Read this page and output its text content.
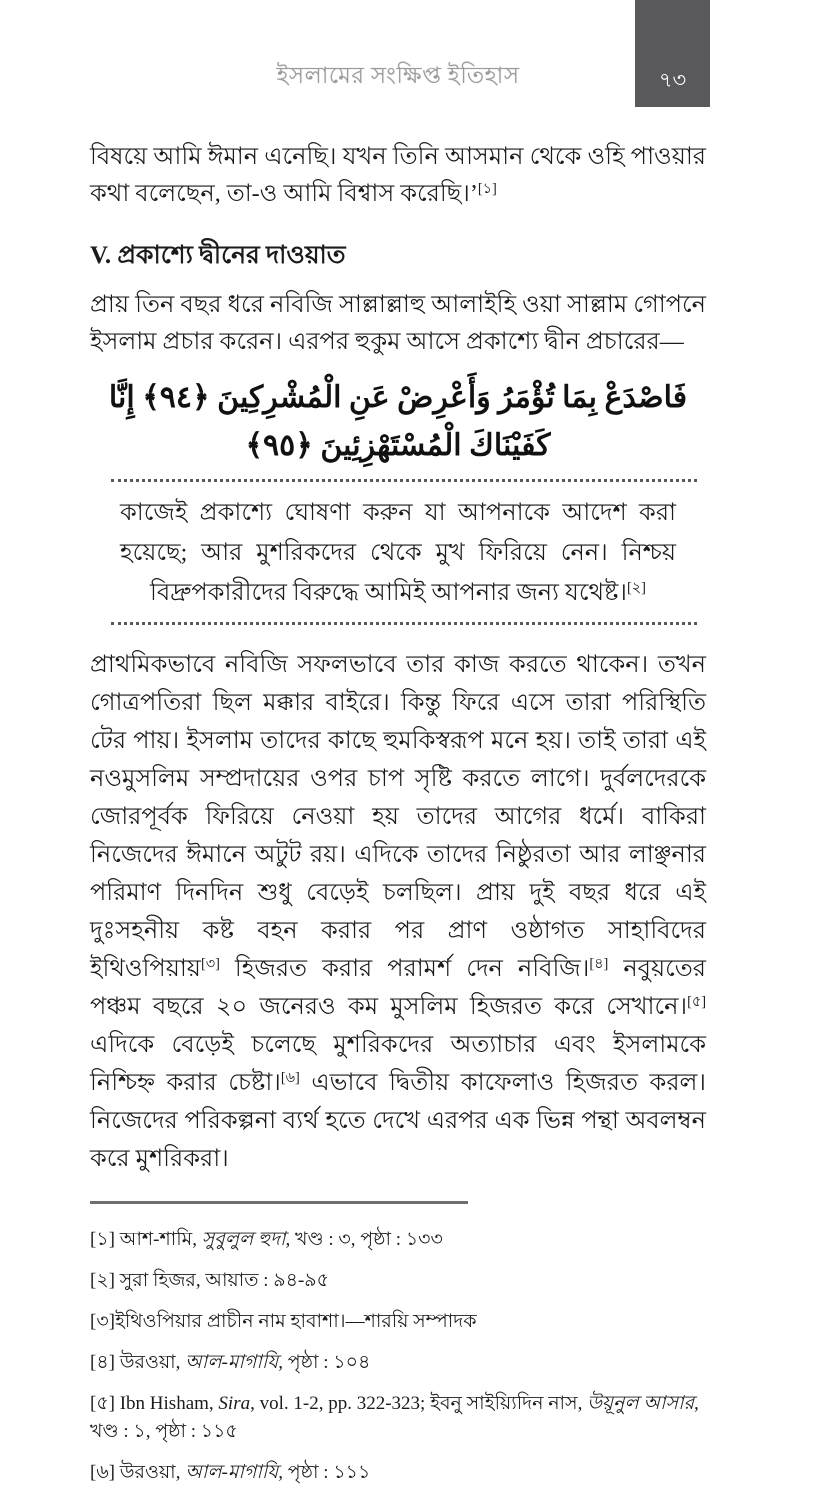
৭৩
ইসলামের সংক্ষিপ্ত ইতিহাস

বিষয়ে আমি ঈমান এনেছি। যখন তিনি আসমান থেকে ওহি পাওয়ার কথা বলেছেন, তা-ও আমি বিশ্বাস করেছি।’[১]

V. প্রকাশ্যে দ্বীনের দাওয়াত

প্রায় তিন বছর ধরে নবিজি সাল্লাল্লাহু আলাইহি ওয়া সাল্লাম গোপনে ইসলাম প্রচার করেন। এরপর হুকুম আসে প্রকাশ্যে দ্বীন প্রচারের—

فَاصْدَعْ بِمَا تُؤْمَرُ وَأَعْرِضْ عَنِ الْمُشْرِكِينَ ﴿٩٤﴾ إِنَّا كَفَيْنَاكَ الْمُسْتَهْزِئِينَ ﴿٩٥﴾

কাজেই প্রকাশ্যে ঘোষণা করুন যা আপনাকে আদেশ করা হয়েছে; আর মুশরিকদের থেকে মুখ ফিরিয়ে নেন। নিশ্চয় বিদ্রুপকারীদের বিরুদ্ধে আমিই আপনার জন্য যথেষ্ট।[২]

প্রাথমিকভাবে নবিজি সফলভাবে তার কাজ করতে থাকেন। তখন গোত্রপতিরা ছিল মক্কার বাইরে। কিন্তু ফিরে এসে তারা পরিস্থিতি টের পায়। ইসলাম তাদের কাছে হুমকিস্বরূপ মনে হয়। তাই তারা এই নওমুসলিম সম্প্রদায়ের ওপর চাপ সৃষ্টি করতে লাগে। দুর্বলদেরকে জোরপূর্বক ফিরিয়ে নেওয়া হয় তাদের আগের ধর্মে। বাকিরা নিজেদের ঈমানে অটুট রয়। এদিকে তাদের নিষ্ঠুরতা আর লাঞ্ছনার পরিমাণ দিনদিন শুধু বেড়েই চলছিল। প্রায় দুই বছর ধরে এই দুঃসহনীয় কষ্ট বহন করার পর প্রাণ ওষ্ঠাগত সাহাবিদের ইথিওপিয়ায়[৩] হিজরত করার পরামর্শ দেন নবিজি।[৪] নবুয়তের পঞ্চম বছরে ২০ জনেরও কম মুসলিম হিজরত করে সেখানে।[৫] এদিকে বেড়েই চলেছে মুশরিকদের অত্যাচার এবং ইসলামকে নিশ্চিহ্ন করার চেষ্টা।[৬] এভাবে দ্বিতীয় কাফেলাও হিজরত করল। নিজেদের পরিকল্পনা ব্যর্থ হতে দেখে এরপর এক ভিন্ন পন্থা অবলম্বন করে মুশরিকরা।

[১] আশ-শামি, সুবুলুল হুদা, খণ্ড : ৩, পৃষ্ঠা : ১৩৩

[২] সুরা হিজর, আয়াত : ৯৪-৯৫

[৩]ইথিওপিয়ার প্রাচীন নাম হাবাশা।—শারয়ি সম্পাদক

[৪] উরওয়া, আল-মাগাযি, পৃষ্ঠা : ১০৪

[৫] Ibn Hisham, Sira, vol. 1-2, pp. 322-323; ইবনু সাইয়্যিদিন নাস, উয়ূনুল আসার, খণ্ড : ১, পৃষ্ঠা : ১১৫

[৬] উরওয়া, আল-মাগাযি, পৃষ্ঠা : ১১১
